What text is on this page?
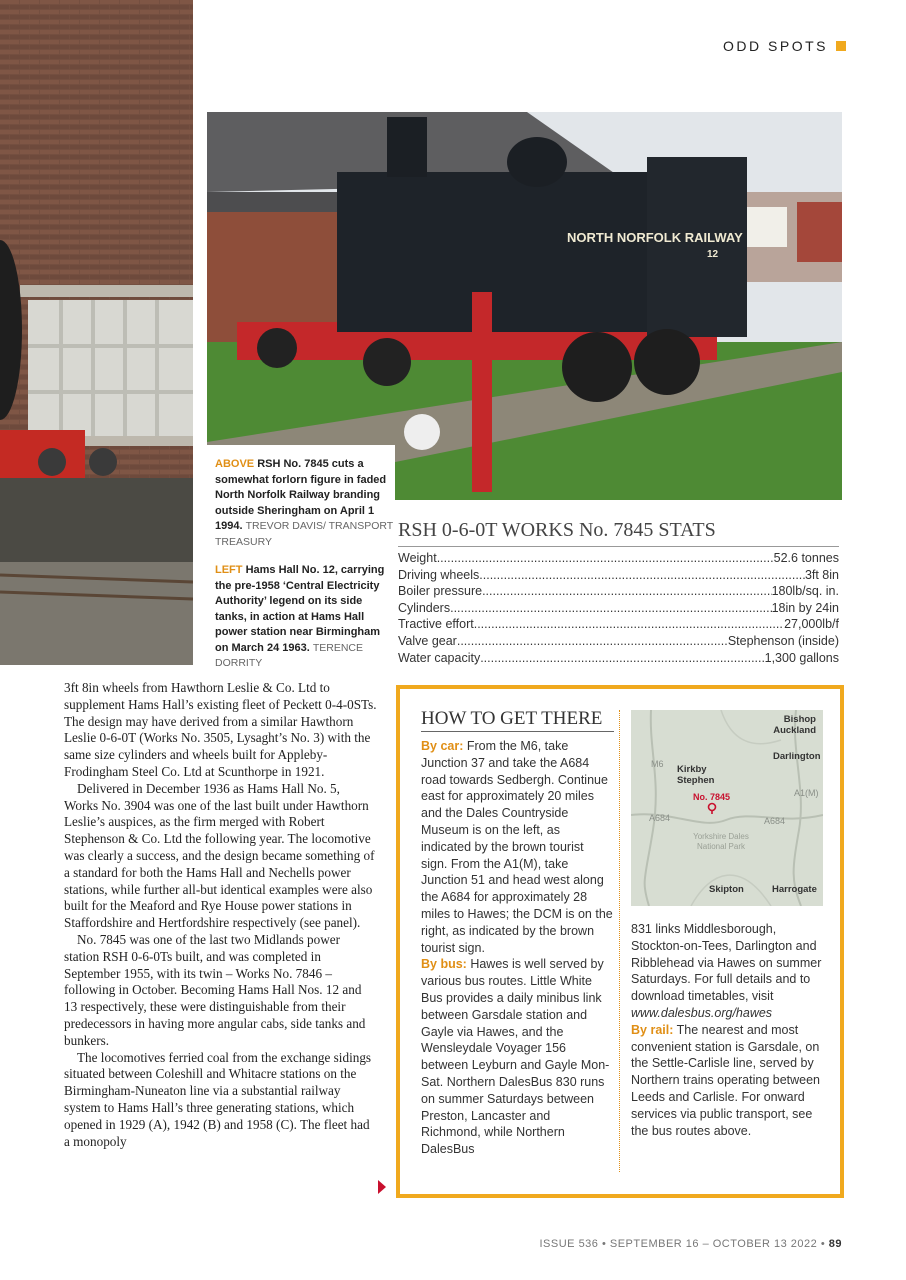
ODD SPOTS
NORTH NORFOLK RAILWAY
12
ABOVE RSH No. 7845 cuts a somewhat forlorn figure in faded North Norfolk Railway branding outside Sheringham on April 1 1994. TREVOR DAVIS/ TRANSPORT TREASURY
LEFT Hams Hall No. 12, carrying the pre-1958 ‘Central Electricity Authority’ legend on its side tanks, in action at Hams Hall power station near Birmingham on March 24 1963. TERENCE DORRITY
RSH 0-6-0T WORKS No. 7845 STATS
Weight .....	52.6 tonnes
Driving wheels .....	3ft 8in
Boiler pressure .....	180lb/sq. in.
Cylinders .....	18in by 24in
Tractive effort .....	27,000lb/f
Valve gear .....	Stephenson (inside)
Water capacity .....	1,300 gallons

3ft 8in wheels from Hawthorn Leslie & Co. Ltd to supplement Hams Hall’s existing fleet of Peckett 0-4-0STs. The design may have derived from a similar Hawthorn Leslie 0-6-0T (Works No. 3505, Lysaght’s No. 3) with the same size cylinders and wheels built for Appleby-Frodingham Steel Co. Ltd at Scunthorpe in 1921.

Delivered in December 1936 as Hams Hall No. 5, Works No. 3904 was one of the last built under Hawthorn Leslie’s auspices, as the firm merged with Robert Stephenson & Co. Ltd the following year. The locomotive was clearly a success, and the design became something of a standard for both the Hams Hall and Nechells power stations, while further all-but identical examples were also built for the Meaford and Rye House power stations in Staffordshire and Hertfordshire respectively (see panel).

No. 7845 was one of the last two Midlands power station RSH 0-6-0Ts built, and was completed in September 1955, with its twin – Works No. 7846 – following in October. Becoming Hams Hall Nos. 12 and 13 respectively, these were distinguishable from their predecessors in having more angular cabs, side tanks and bunkers.

The locomotives ferried coal from the exchange sidings situated between Coleshill and Whitacre stations on the Birmingham-Nuneaton line via a substantial railway system to Hams Hall’s three generating stations, which opened in 1929 (A), 1942 (B) and 1958 (C). The fleet had a monopoly

HOW TO GET THERE
By car: From the M6, take Junction 37 and take the A684 road towards Sedbergh. Continue east for approximately 20 miles and the Dales Countryside Museum is on the left, as indicated by the brown tourist sign. From the A1(M), take Junction 51 and head west along the A684 for approximately 28 miles to Hawes; the DCM is on the right, as indicated by the brown tourist sign.
By bus: Hawes is well served by various bus routes. Little White Bus provides a daily minibus link between Garsdale station and Gayle via Hawes, and the Wensleydale Voyager 156 between Leyburn and Gayle Mon-Sat. Northern DalesBus 830 runs on summer Saturdays between Preston, Lancaster and Richmond, while Northern DalesBus
Bishop Auckland
Darlington
M6 Kirkby Stephen
A1(M)
No. 7845
A684	A684
Yorkshire Dales National Park
Skipton	Harrogate
831 links Middlesborough, Stockton-on-Tees, Darlington and Ribblehead via Hawes on summer Saturdays. For full details and to download timetables, visit www.dalesbus.org/hawes
By rail: The nearest and most convenient station is Garsdale, on the Settle-Carlisle line, served by Northern trains operating between Leeds and Carlisle. For onward services via public transport, see the bus routes above.
ISSUE 536 • SEPTEMBER 16 – OCTOBER 13 2022 • 89
